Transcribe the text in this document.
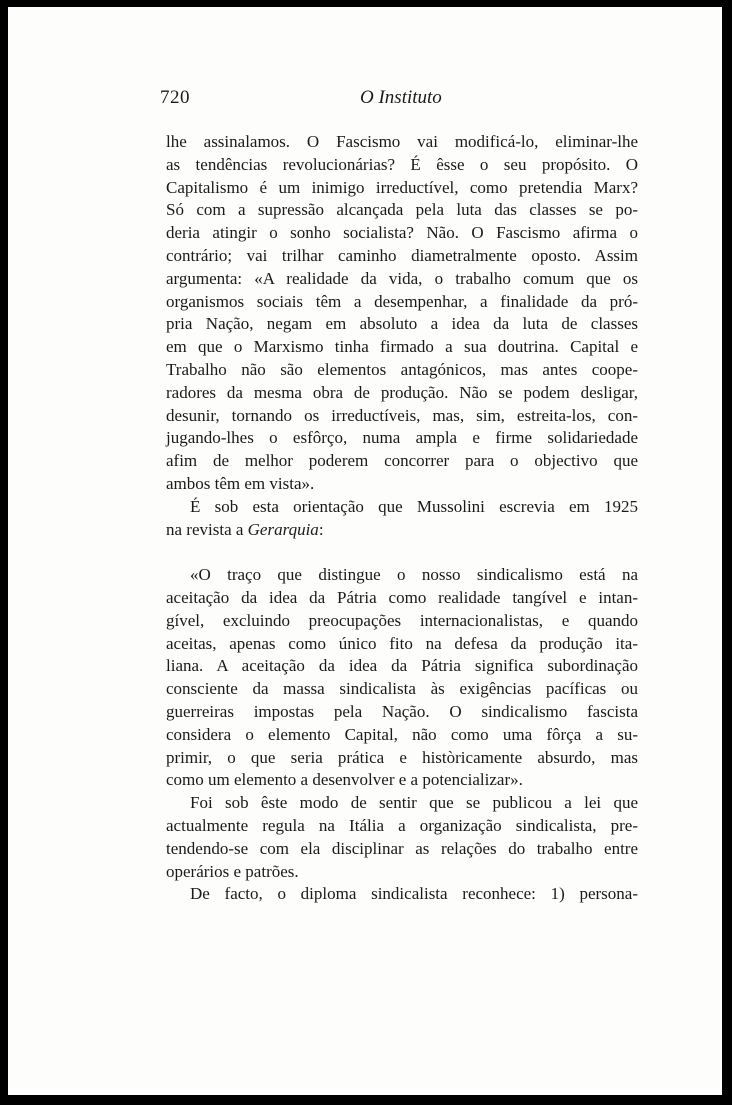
720	O Instituto
lhe assinalamos. O Fascismo vai modificá-lo, eliminar-lhe
as tendências revolucionárias? É êsse o seu propósito. O
Capitalismo é um inimigo irreductível, como pretendia Marx?
Só com a supressão alcançada pela luta das classes se po-
deria atingir o sonho socialista? Não. O Fascismo afirma o
contrário; vai trilhar caminho diametralmente oposto. Assim
argumenta: «A realidade da vida, o trabalho comum que os
organismos sociais têm a desempenhar, a finalidade da pró-
pria Nação, negam em absoluto a idea da luta de classes
em que o Marxismo tinha firmado a sua doutrina. Capital e
Trabalho não são elementos antagónicos, mas antes coope-
radores da mesma obra de produção. Não se podem desligar,
desunir, tornando os irreductíveis, mas, sim, estreita-los, con-
jugando-lhes o esfôrço, numa ampla e firme solidariedade
afim de melhor poderem concorrer para o objectivo que
ambos têm em vista».
É sob esta orientação que Mussolini escrevia em 1925
na revista a Gerarquia:
«O traço que distingue o nosso sindicalismo está na
aceitação da idea da Pátria como realidade tangível e intan-
gível, excluindo preocupações internacionalistas, e quando
aceitas, apenas como único fito na defesa da produção ita-
liana. A aceitação da idea da Pátria significa subordinação
consciente da massa sindicalista às exigências pacíficas ou
guerreiras impostas pela Nação. O sindicalismo fascista
considera o elemento Capital, não como uma fôrça a su-
primir, o que seria prática e històricamente absurdo, mas
como um elemento a desenvolver e a potencializar».
Foi sob êste modo de sentir que se publicou a lei que
actualmente regula na Itália a organização sindicalista, pre-
tendendo-se com ela disciplinar as relações do trabalho entre
operários e patrões.
De facto, o diploma sindicalista reconhece: 1) persona-
